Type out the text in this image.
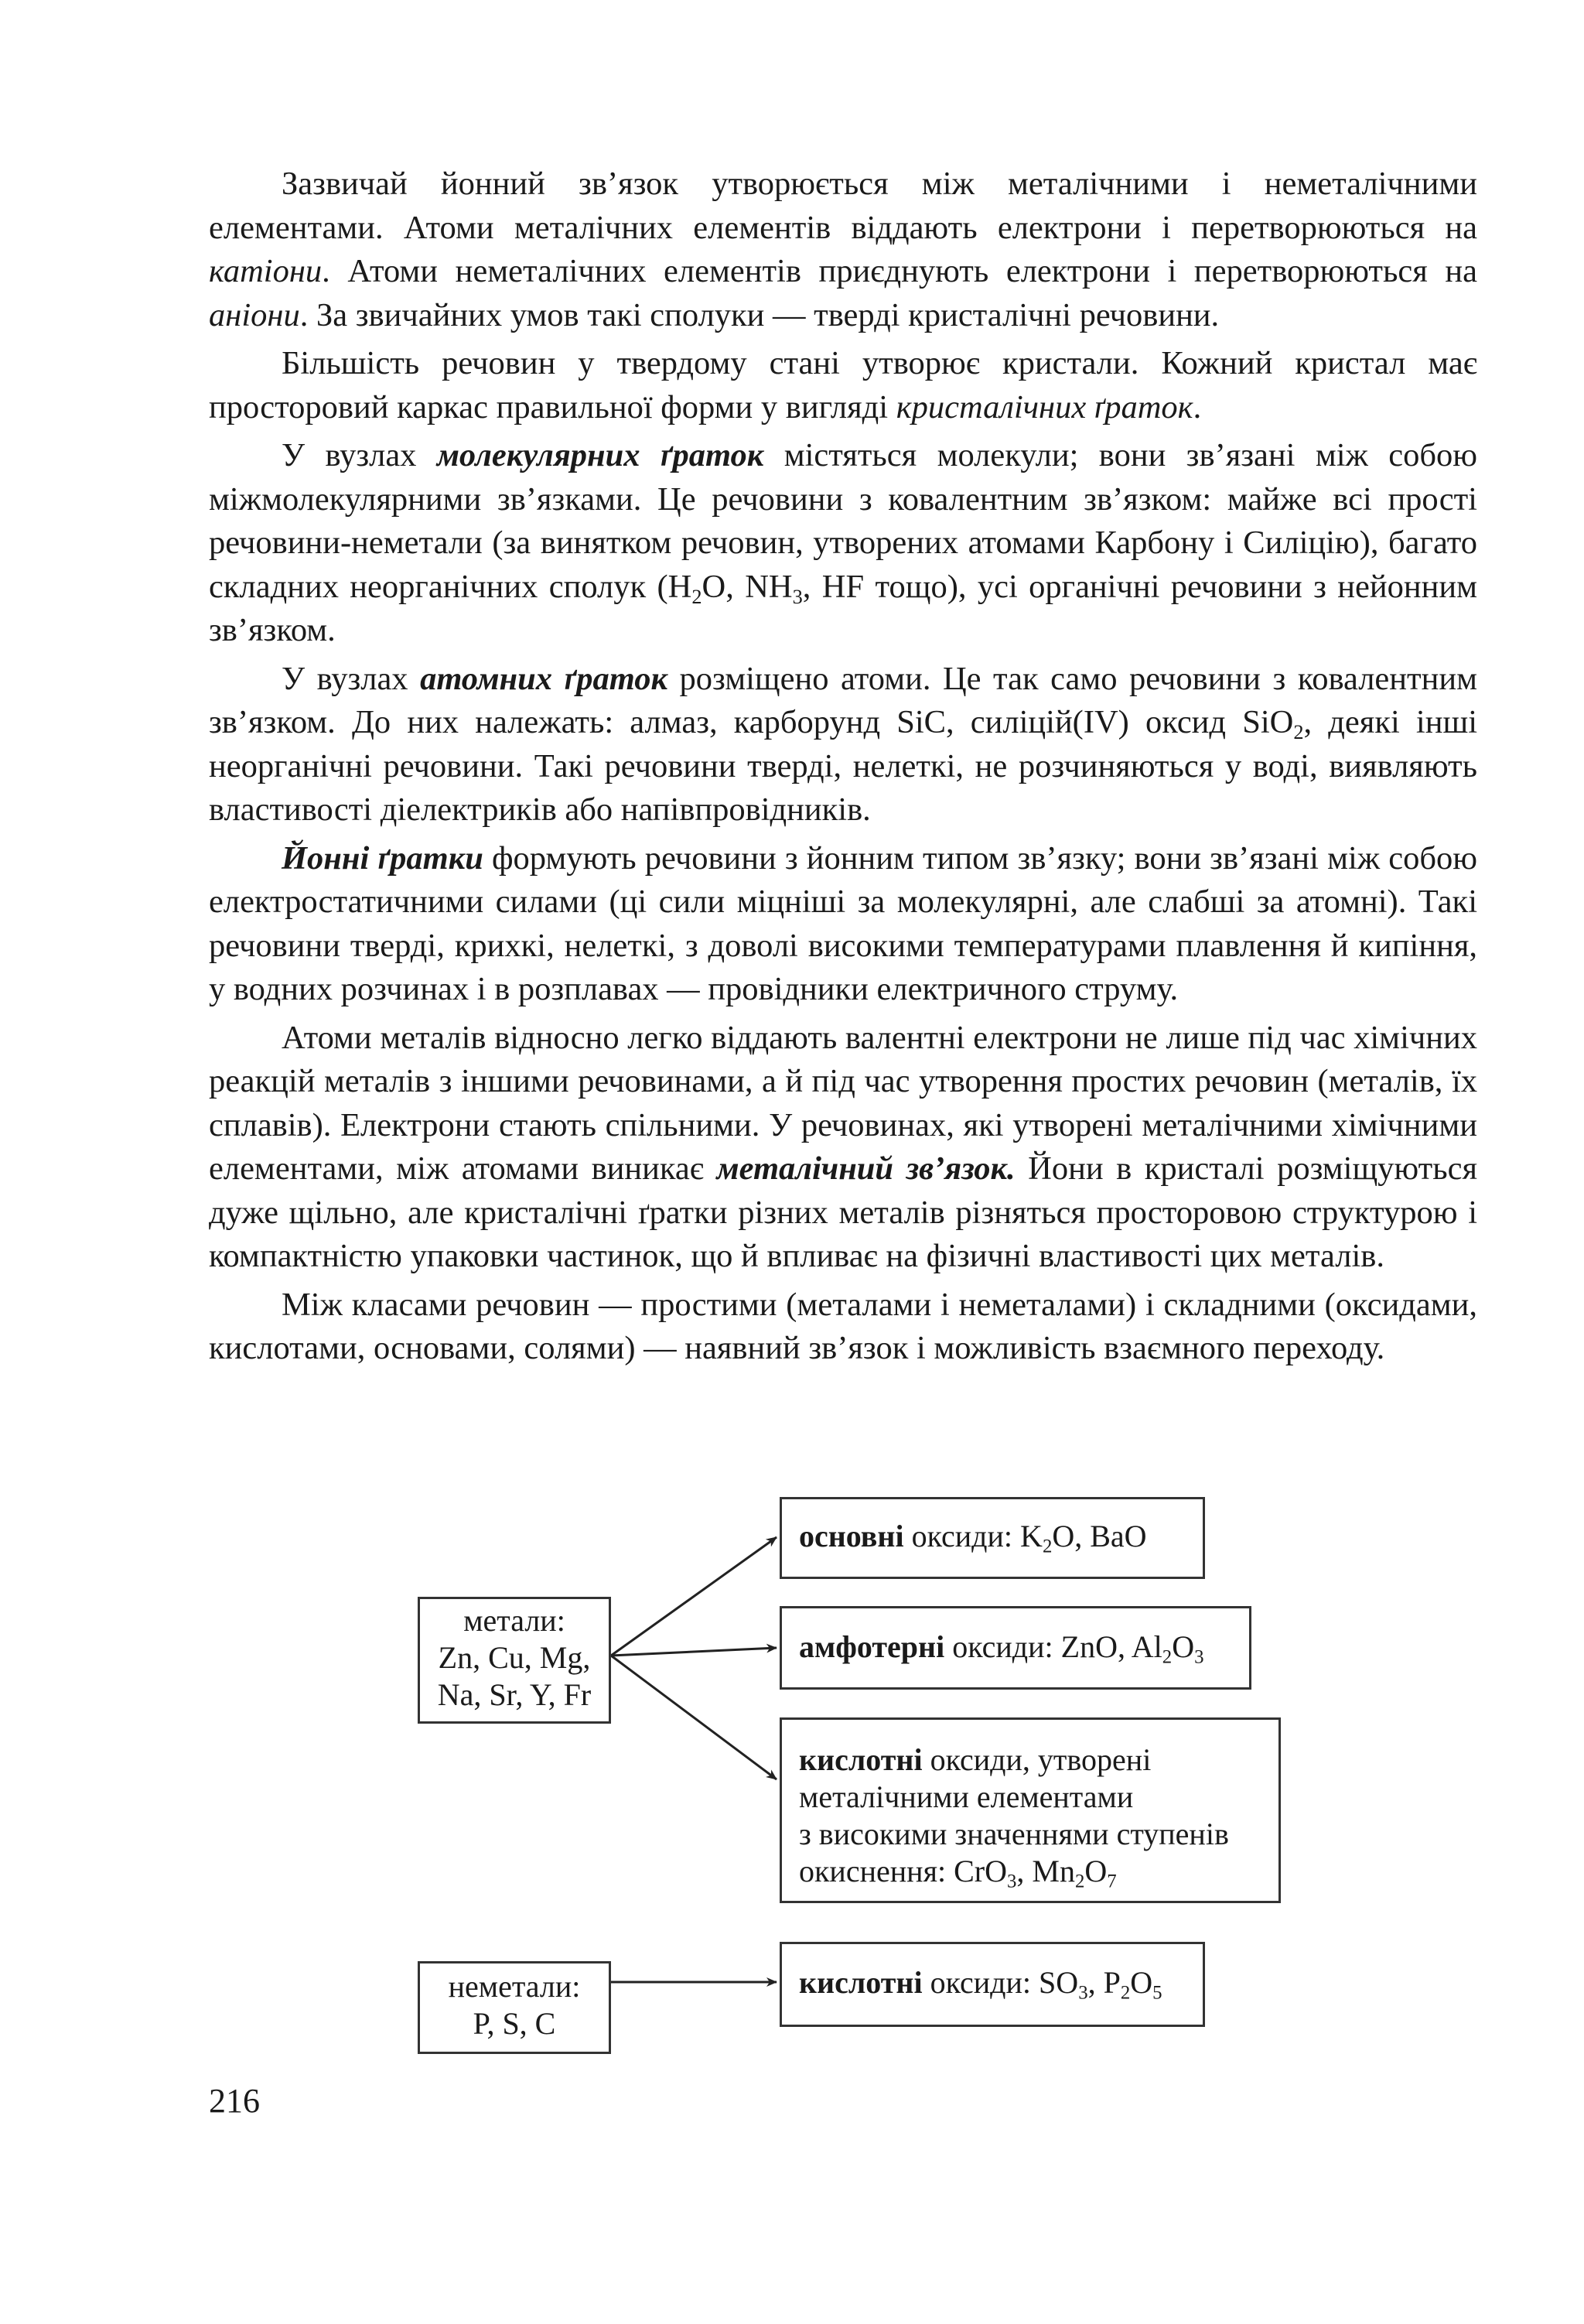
Зазвичай йонний зв’язок утворюється між металічними і неметалічними елементами. Атоми металічних елементів віддають електрони і перетворюються на катіони. Атоми неметалічних елементів приєднують електрони і перетворюються на аніони. За звичайних умов такі сполуки — тверді кристалічні речовини.

Більшість речовин у твердому стані утворює кристали. Кожний кристал має просторовий каркас правильної форми у вигляді кристалічних ґраток.

У вузлах молекулярних ґраток містяться молекули; вони зв’язані між собою міжмолекулярними зв’язками. Це речовини з ковалентним зв’язком: майже всі прості речовини-неметали (за винятком речовин, утворених атомами Карбону і Силіцію), багато складних неорганічних сполук ($H_2O$, $NH_3$, HF тощо), усі органічні речовини з нейонним зв’язком.

У вузлах атомних ґраток розміщено атоми. Це так само речовини з ковалентним зв’язком. До них належать: алмаз, карборунд SiC, силіцій(IV) оксид SiO$_2$, деякі інші неорганічні речовини. Такі речовини тверді, нелеткі, не розчиняються у воді, виявляють властивості діелектриків або напівпровідників.

Йонні ґратки формують речовини з йонним типом зв’язку; вони зв’язані між собою електростатичними силами (ці сили міцніші за молекулярні, але слабші за атомні). Такі речовини тверді, крихкі, нелеткі, з доволі високими температурами плавлення й кипіння, у водних розчинах і в розплавах — провідники електричного струму.

Атоми металів відносно легко віддають валентні електрони не лише під час хімічних реакцій металів з іншими речовинами, а й під час утворення простих речовин (металів, їх сплавів). Електрони стають спільними. У речовинах, які утворені металічними хімічними елементами, між атомами виникає металічний зв’язок. Йони в кристалі розміщуються дуже щільно, але кристалічні ґратки різних металів різняться просторовою структурою і компактністю упаковки частинок, що й впливає на фізичні властивості цих металів.

Між класами речовин — простими (металами і неметалами) і складними (оксидами, кислотами, основами, солями) — наявний зв’язок і можливість взаємного переходу.

метали:
Zn, Cu, Mg,
Na, Sr, Y, Fr
неметали:
P, S, C
основні оксиди: $K_2O$, BaO
амфотерні оксиди: ZnO, $Al_2O_3$
кислотні оксиди, утворені
металічними елементами
з високими значеннями ступенів
окиснення: CrO$_3$, $Mn_2O_7$
кислотні оксиди: $SO_3$, $P_2O_5$
216
